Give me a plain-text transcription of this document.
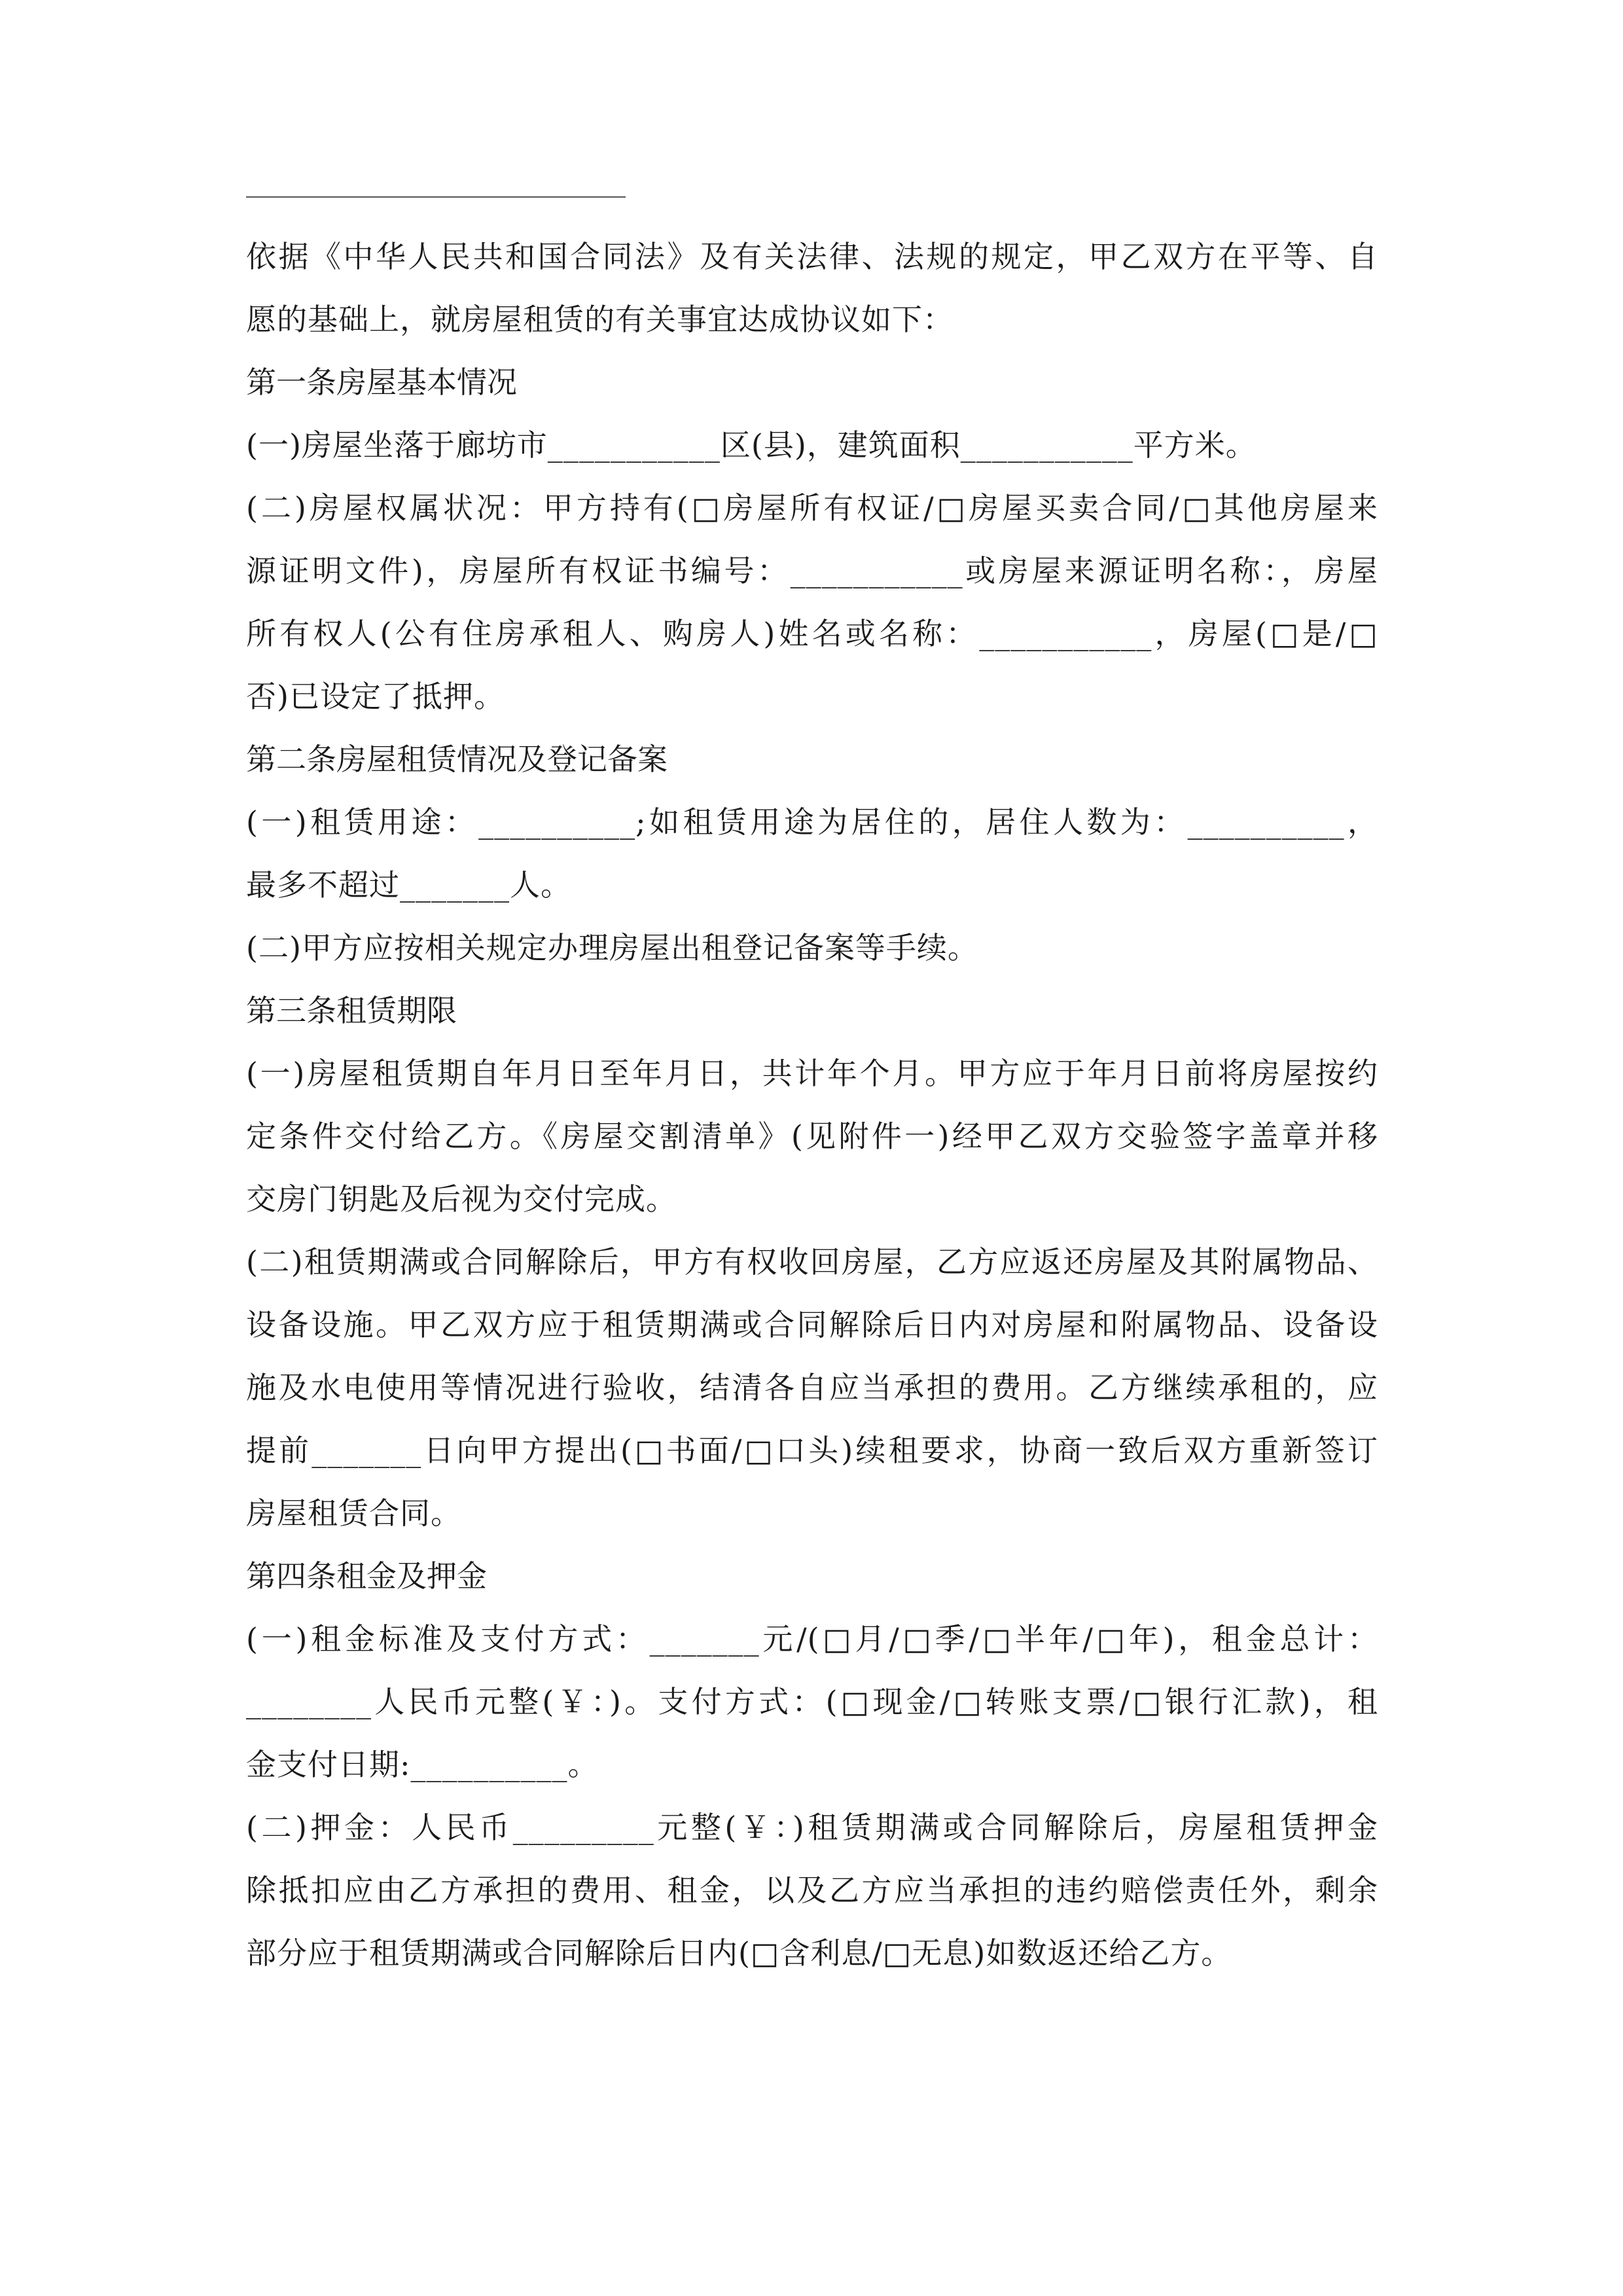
依据《中华人民共和国合同法》及有关法律、法规的规定，甲乙双方在平等、自
愿的基础上，就房屋租赁的有关事宜达成协议如下：
第一条房屋基本情况
(一)房屋坐落于廊坊市___________区(县)，建筑面积___________平方米。
(二)房屋权属状况：甲方持有(□房屋所有权证/□房屋买卖合同/□其他房屋来
源证明文件)，房屋所有权证书编号：___________或房屋来源证明名称：，房屋
所有权人(公有住房承租人、购房人)姓名或名称：___________，房屋(□是/□
否)已设定了抵押。
第二条房屋租赁情况及登记备案
(一)租赁用途：__________;如租赁用途为居住的，居住人数为：__________，
最多不超过_______人。
(二)甲方应按相关规定办理房屋出租登记备案等手续。
第三条租赁期限
(一)房屋租赁期自年月日至年月日，共计年个月。甲方应于年月日前将房屋按约
定条件交付给乙方。《房屋交割清单》(见附件一)经甲乙双方交验签字盖章并移
交房门钥匙及后视为交付完成。
(二)租赁期满或合同解除后，甲方有权收回房屋，乙方应返还房屋及其附属物品、
设备设施。甲乙双方应于租赁期满或合同解除后日内对房屋和附属物品、设备设
施及水电使用等情况进行验收，结清各自应当承担的费用。乙方继续承租的，应
提前_______日向甲方提出(□书面/□口头)续租要求，协商一致后双方重新签订
房屋租赁合同。
第四条租金及押金
(一)租金标准及支付方式：_______元/(□月/□季/□半年/□年)，租金总计：
________人民币元整(￥：)。支付方式：(□现金/□转账支票/□银行汇款)，租
金支付日期:__________。
(二)押金：人民币_________元整(￥：)租赁期满或合同解除后，房屋租赁押金
除抵扣应由乙方承担的费用、租金，以及乙方应当承担的违约赔偿责任外，剩余
部分应于租赁期满或合同解除后日内(□含利息/□无息)如数返还给乙方。
